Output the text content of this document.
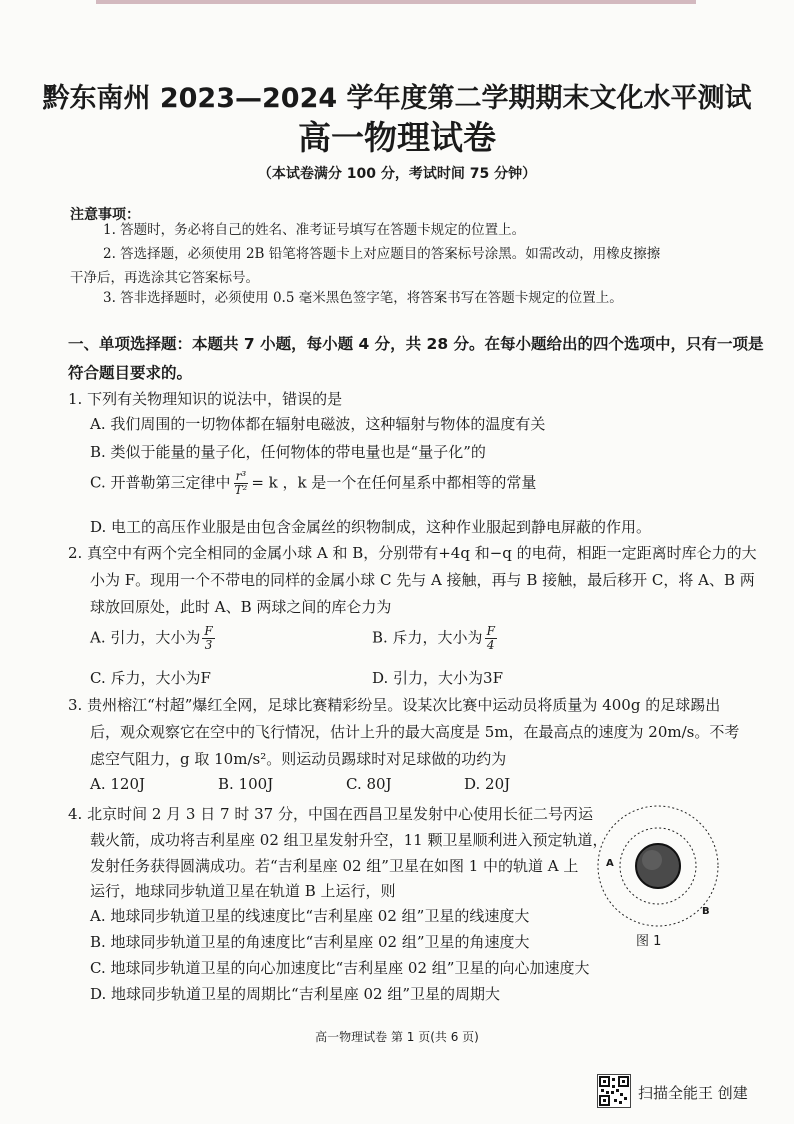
黔东南州 2023—2024 学年度第二学期期末文化水平测试
高一物理试卷
（本试卷满分 100 分，考试时间 75 分钟）
注意事项：
1. 答题时，务必将自己的姓名、准考证号填写在答题卡规定的位置上。
2. 答选择题，必须使用 2B 铅笔将答题卡上对应题目的答案标号涂黑。如需改动，用橡皮擦擦
干净后，再选涂其它答案标号。
3. 答非选择题时，必须使用 0.5 毫米黑色签字笔，将答案书写在答题卡规定的位置上。
一、单项选择题：本题共 7 小题，每小题 4 分，共 28 分。在每小题给出的四个选项中，只有一项是
符合题目要求的。
1. 下列有关物理知识的说法中，错误的是
A. 我们周围的一切物体都在辐射电磁波，这种辐射与物体的温度有关
B. 类似于能量的量子化，任何物体的带电量也是“量子化”的
C. 开普勒第三定律中 $\frac{\text{r³}}{\text{T²}} = k$ ，k 是一个在任何星系中都相等的常量
D. 电工的高压作业服是由包含金属丝的织物制成，这种作业服起到静电屏蔽的作用。
2. 真空中有两个完全相同的金属小球 A 和 B，分别带有+4q 和−q 的电荷，相距一定距离时库仑力的大
小为 F。现用一个不带电的同样的金属小球 C 先与 A 接触，再与 B 接触，最后移开 C，将 A、B 两
球放回原处，此时 A、B 两球之间的库仑力为
A. 引力，大小为 $\frac{F}{3}$	B. 斥力，大小为 $\frac{F}{4}$
C. 斥力，大小为F	D. 引力，大小为3F
3. 贵州榕江“村超”爆红全网，足球比赛精彩纷呈。设某次比赛中运动员将质量为 400g 的足球踢出
后，观众观察它在空中的飞行情况，估计上升的最大高度是 5m，在最高点的速度为 20m/s。不考
虑空气阻力，g 取 10m/s²。则运动员踢球时对足球做的功约为
A. 120J	B. 100J	C. 80J	D. 20J
4. 北京时间 2 月 3 日 7 时 37 分，中国在西昌卫星发射中心使用长征二号丙运
载火箭，成功将吉利星座 02 组卫星发射升空，11 颗卫星顺利进入预定轨道，
发射任务获得圆满成功。若“吉利星座 02 组”卫星在如图 1 中的轨道 A 上
运行，地球同步轨道卫星在轨道 B 上运行，则
A. 地球同步轨道卫星的线速度比“吉利星座 02 组”卫星的线速度大
B. 地球同步轨道卫星的角速度比“吉利星座 02 组”卫星的角速度大
C. 地球同步轨道卫星的向心加速度比“吉利星座 02 组”卫星的向心加速度大
D. 地球同步轨道卫星的周期比“吉利星座 02 组”卫星的周期大
A
B
图 1
高一物理试卷 第 1 页(共 6 页)
扫描全能王 创建
